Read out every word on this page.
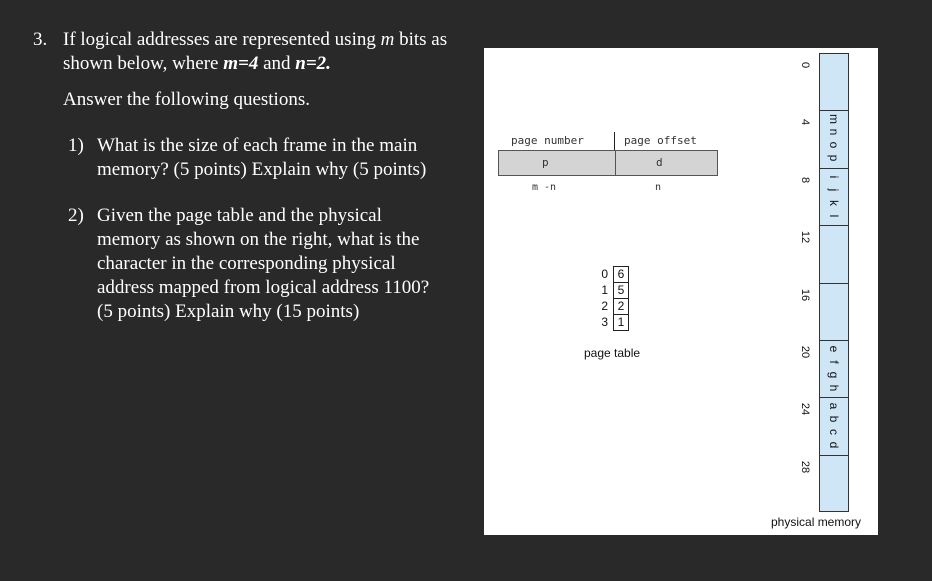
3. If logical addresses are represented using m bits as
shown below, where m=4 and n=2.
Answer the following questions.
1) What is the size of each frame in the main
memory? (5 points) Explain why (5 points)
2) Given the page table and the physical
memory as shown on the right, what is the
character in the corresponding physical
address mapped from logical address 1100?
(5 points) Explain why (15 points)
page number	page offset
p	d
m -n	n
0 6
1 5
2 2
3 1
page table
0
4 m
n
o
p
8 i
j
k
l
12
16
20 e
f
g
h
24 a
b
c
d
28
physical memory
